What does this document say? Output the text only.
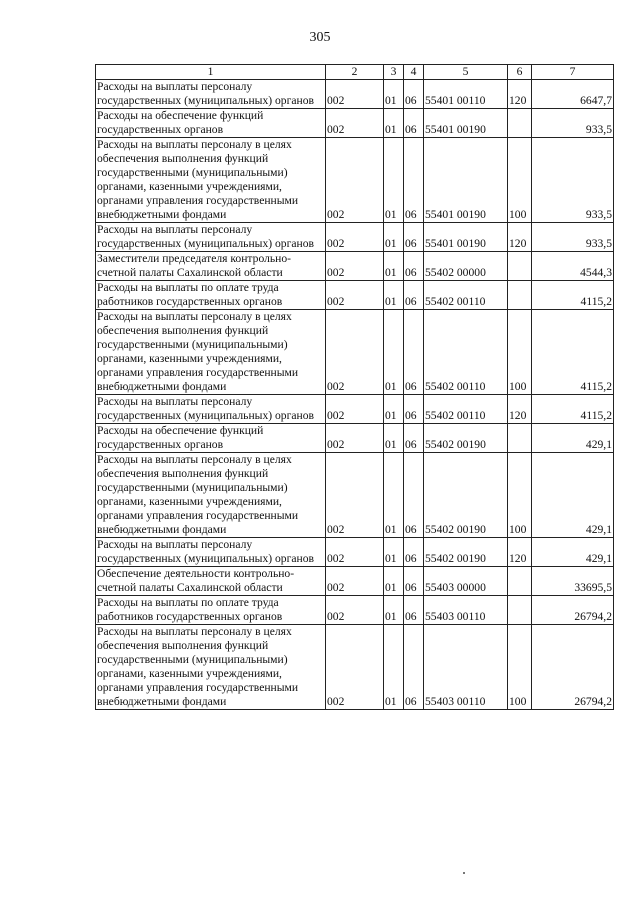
305
1	2	3	4	5	6	7
Расходы на выплаты персоналу государственных (муниципальных) органов	002	01	06	55401 00110	120	6647,7
Расходы на обеспечение функций государственных органов	002	01	06	55401 00190		933,5
Расходы на выплаты персоналу в целях обеспечения выполнения функций государственными (муниципальными) органами, казенными учреждениями, органами управления государственными внебюджетными фондами	002	01	06	55401 00190	100	933,5
Расходы на выплаты персоналу государственных (муниципальных) органов	002	01	06	55401 00190	120	933,5
Заместители председателя контрольно-счетной палаты Сахалинской области	002	01	06	55402 00000		4544,3
Расходы на выплаты по оплате труда работников государственных органов	002	01	06	55402 00110		4115,2
Расходы на выплаты персоналу в целях обеспечения выполнения функций государственными (муниципальными) органами, казенными учреждениями, органами управления государственными внебюджетными фондами	002	01	06	55402 00110	100	4115,2
Расходы на выплаты персоналу государственных (муниципальных) органов	002	01	06	55402 00110	120	4115,2
Расходы на обеспечение функций государственных органов	002	01	06	55402 00190		429,1
Расходы на выплаты персоналу в целях обеспечения выполнения функций государственными (муниципальными) органами, казенными учреждениями, органами управления государственными внебюджетными фондами	002	01	06	55402 00190	100	429,1
Расходы на выплаты персоналу государственных (муниципальных) органов	002	01	06	55402 00190	120	429,1
Обеспечение деятельности контрольно-счетной палаты Сахалинской области	002	01	06	55403 00000		33695,5
Расходы на выплаты по оплате труда работников государственных органов	002	01	06	55403 00110		26794,2
Расходы на выплаты персоналу в целях обеспечения выполнения функций государственными (муниципальными) органами, казенными учреждениями, органами управления государственными внебюджетными фондами	002	01	06	55403 00110	100	26794,2
